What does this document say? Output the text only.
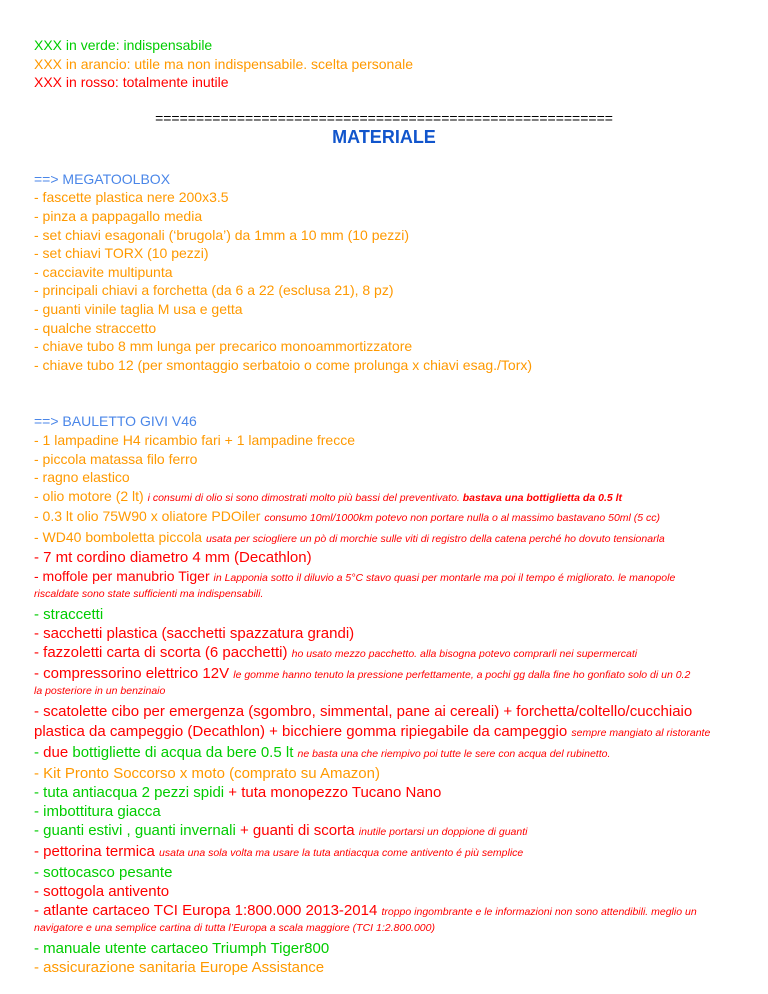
XXX in verde: indispensabile
XXX in arancio: utile ma non indispensabile. scelta personale
XXX in rosso: totalmente inutile
========================================================
MATERIALE
==> MEGATOOLBOX
- fascette plastica nere 200x3.5
- pinza a pappagallo media
- set chiavi esagonali (‘brugola’) da 1mm a 10 mm (10 pezzi)
- set chiavi TORX (10 pezzi)
- cacciavite multipunta
- principali chiavi a forchetta (da 6 a 22 (esclusa 21), 8 pz)
- guanti vinile taglia M usa e getta
- qualche straccetto
- chiave tubo 8 mm lunga per precarico monoammortizzatore
- chiave tubo 12 (per smontaggio serbatoio o come prolunga x chiavi esag./Torx)
==> BAULETTO GIVI V46
- 1 lampadine H4 ricambio fari + 1 lampadine frecce
- piccola matassa filo ferro
- ragno elastico
- olio motore (2 lt) i consumi di olio si sono dimostrati molto più bassi del preventivato. bastava una bottiglietta da 0.5 lt
- 0.3 lt olio 75W90 x oliatore PDOiler consumo 10ml/1000km potevo non portare nulla o al massimo bastavano 50ml (5 cc)
- WD40 bomboletta piccola usata per sciogliere un pò di morchie sulle viti di registro della catena perché ho dovuto tensionarla
- 7 mt cordino diametro 4 mm (Decathlon)
- moffole per manubrio Tiger in Lapponia sotto il diluvio a 5°C stavo quasi per montarle ma poi il tempo é migliorato. le manopole
riscaldate sono state sufficienti ma indispensabili.
- straccetti
- sacchetti plastica (sacchetti spazzatura grandi)
- fazzoletti carta di scorta (6 pacchetti) ho usato mezzo pacchetto. alla bisogna potevo comprarli nei supermercati
- compressorino elettrico 12V le gomme hanno tenuto la pressione perfettamente, a pochi gg dalla fine ho gonfiato solo di un 0.2
la posteriore in un benzinaio
- scatolette cibo per emergenza (sgombro, simmental, pane ai cereali) + forchetta/coltello/cucchiaio plastica da campeggio (Decathlon) + bicchiere gomma ripiegabile da campeggio sempre mangiato al ristorante
- due bottigliette di acqua da bere 0.5 lt ne basta una che riempivo poi tutte le sere con acqua del rubinetto.
- Kit Pronto Soccorso x moto (comprato su Amazon)
- tuta antiacqua 2 pezzi spidi + tuta monopezzo Tucano Nano
- imbottitura giacca
- guanti estivi , guanti invernali + guanti di scorta inutile portarsi un doppione di guanti
- pettorina termica usata una sola volta ma usare la tuta antiacqua come antivento é più semplice
- sottocasco pesante
- sottogola antivento
- atlante cartaceo TCI Europa 1:800.000 2013-2014 troppo ingombrante e le informazioni non sono attendibili. meglio un
navigatore e una semplice cartina di tutta l’Europa a scala maggiore (TCI 1:2.800.000)
- manuale utente cartaceo Triumph Tiger800
- assicurazione sanitaria Europe Assistance
